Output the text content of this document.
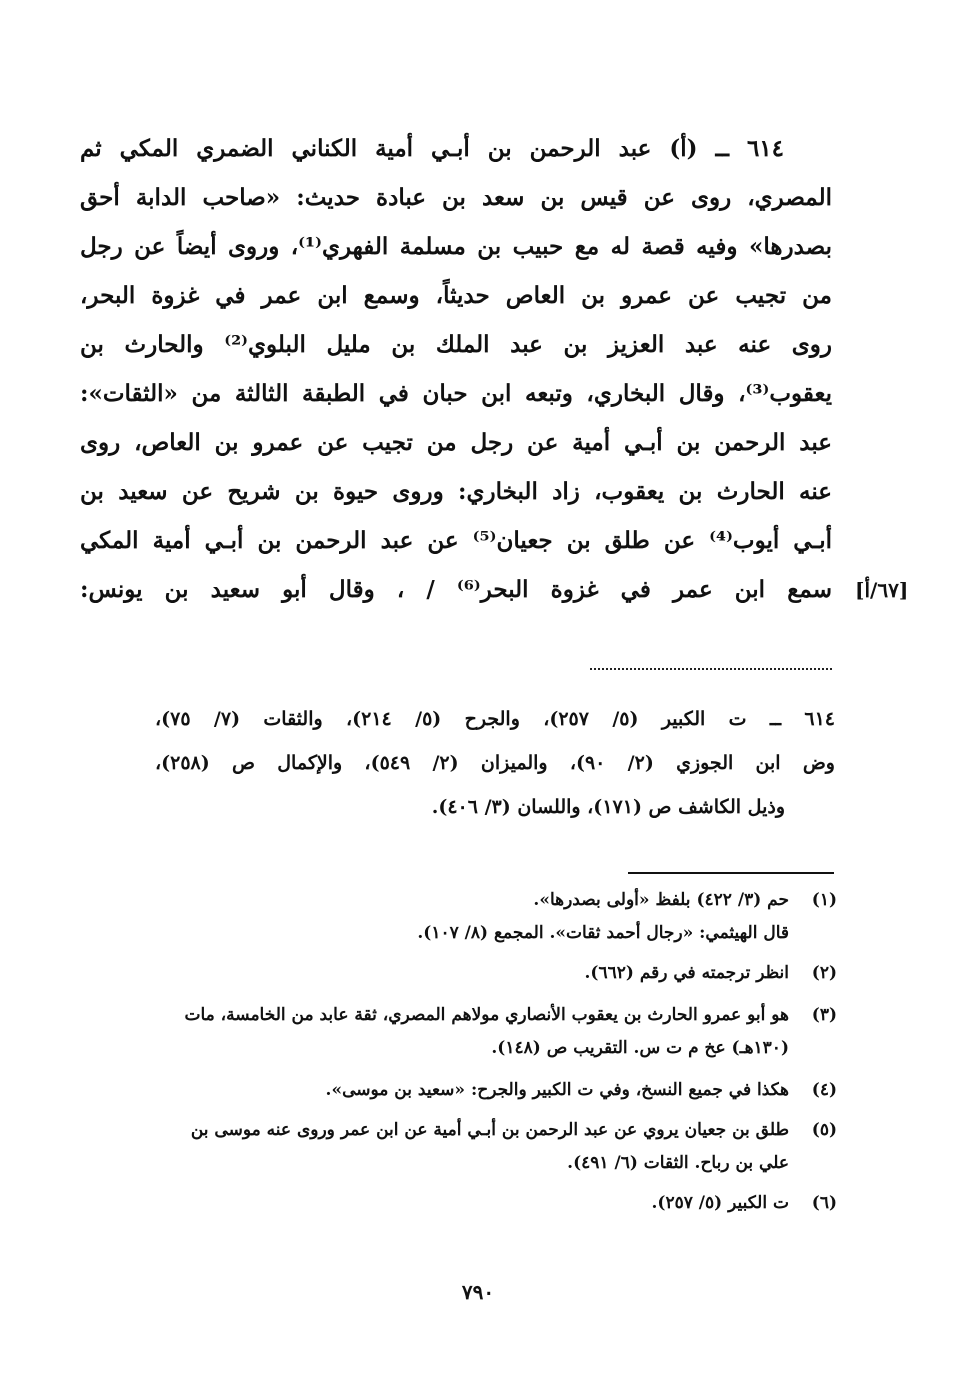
٦١٤ ــ (أ) عبد الرحمن بن أبـي أمية الكناني الضمري المكي ثم
المصري، روى عن قيس بن سعد بن عبادة حديث: «صاحب الدابة أحق
بصدرها» وفيه قصة له مع حبيب بن مسلمة الفهري⁽¹⁾، وروى أيضاً عن رجل
من تجيب عن عمرو بن العاص حديثاً، وسمع ابن عمر في غزوة البحر،
روى عنه عبد العزيز بن عبد الملك بن مليل البلوي⁽²⁾ والحارث بن
يعقوب⁽³⁾، وقال البخاري، وتبعه ابن حبان في الطبقة الثالثة من «الثقات»:
عبد الرحمن بن أبـي أمية عن رجل من تجيب عن عمرو بن العاص، روى
عنه الحارث بن يعقوب، زاد البخاري: وروى حيوة بن شريح عن سعيد بن
أبـي أيوب⁽⁴⁾ عن طلق بن جعيان⁽⁵⁾ عن عبد الرحمن بن أبـي أمية المكي
سمع ابن عمر في غزوة البحر⁽⁶⁾ / ، وقال أبو سعيد بن يونس: [٦٧/أ]
٦١٤ ــ ت الكبير (٥/ ٢٥٧)، والجرح (٥/ ٢١٤)، والثقات (٧/ ٧٥)،
وض ابن الجوزي (٢/ ٩٠)، والميزان (٢/ ٥٤٩)، والإكمال ص (٢٥٨)،
وذيل الكاشف ص (١٧١)، واللسان (٣/ ٤٠٦).
(١)
حم (٣/ ٤٢٢) بلفظ «أولى بصدرها».
قال الهيثمي: «رجال أحمد ثقات». المجمع (٨/ ١٠٧).
(٢)
انظر ترجمته في رقم (٦٦٢).
(٣)
هو أبو عمرو الحارث بن يعقوب الأنصاري مولاهم المصري، ثقة عابد من الخامسة، مات
(١٣٠هـ) عخ م ت س. التقريب ص (١٤٨).
(٤)
هكذا في جميع النسخ، وفي ت الكبير والجرح: «سعيد بن موسى».
(٥)
طلق بن جعيان يروي عن عبد الرحمن بن أبـي أمية عن ابن عمر وروى عنه موسى بن
علي بن رباح. الثقات (٦/ ٤٩١).
(٦)
ت الكبير (٥/ ٢٥٧).
٧٩٠
